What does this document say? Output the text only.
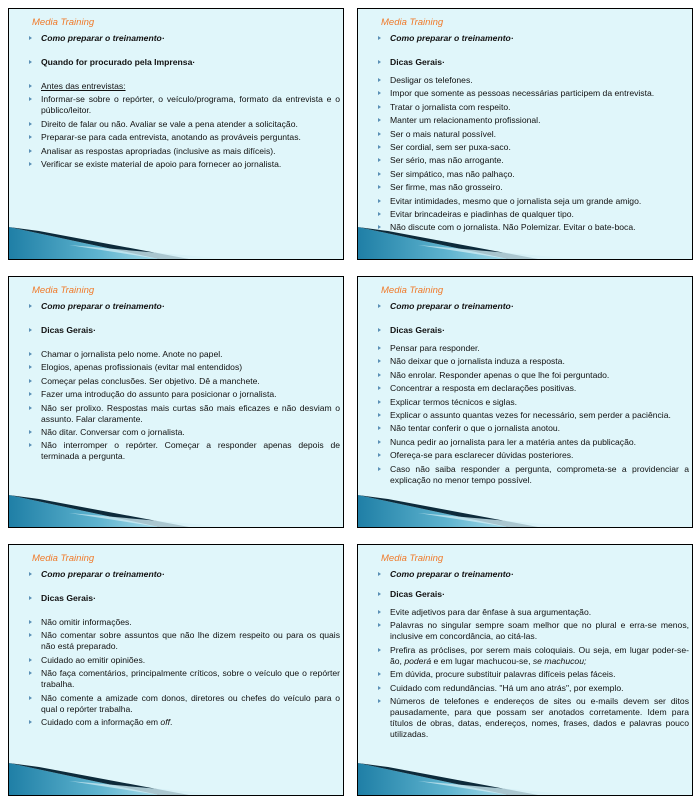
Media Training
Como preparar o treinamento·
Quando for procurado pela Imprensa·
Antes das entrevistas:
Informar-se sobre o repórter, o veículo/programa, formato da entrevista e o público/leitor.
Direito de falar ou não. Avaliar se vale a pena atender a solicitação.
Preparar-se para cada entrevista, anotando as prováveis perguntas.
Analisar as respostas apropriadas (inclusive as mais difíceis).
Verificar se existe material de apoio para fornecer ao jornalista.
Media Training
Como preparar o treinamento·
Dicas Gerais·
Desligar os telefones.
Impor que somente as pessoas necessárias participem da entrevista.
Tratar o jornalista com respeito.
Manter um relacionamento profissional.
Ser o mais natural possível.
Ser cordial, sem ser puxa-saco.
Ser sério, mas não arrogante.
Ser simpático, mas não palhaço.
Ser firme, mas não grosseiro.
Evitar intimidades, mesmo que o jornalista seja um grande amigo.
Evitar brincadeiras e piadinhas de qualquer tipo.
Não discute com o jornalista. Não Polemizar. Evitar o bate-boca.
Media Training
Como preparar o treinamento·
Dicas Gerais·
Chamar o jornalista pelo nome. Anote no papel.
Elogios, apenas profissionais (evitar mal entendidos)
Começar pelas conclusões. Ser objetivo. Dê a manchete.
Fazer uma introdução do assunto para posicionar o jornalista.
Não ser prolixo. Respostas mais curtas são mais eficazes e não desviam o assunto. Falar claramente.
Não ditar. Conversar com o jornalista.
Não interromper o repórter. Começar a responder apenas depois de terminada a pergunta.
Media Training
Como preparar o treinamento·
Dicas Gerais·
Pensar para responder.
Não deixar que o jornalista induza a resposta.
Não enrolar. Responder apenas o que lhe foi perguntado.
Concentrar a resposta em declarações positivas.
Explicar termos técnicos e siglas.
Explicar o assunto quantas vezes for necessário, sem perder a paciência.
Não tentar conferir o que o jornalista anotou.
Nunca pedir ao jornalista para ler a matéria antes da publicação.
Ofereça-se para esclarecer dúvidas posteriores.
Caso não saiba responder a pergunta, comprometa-se a providenciar a explicação no menor tempo possível.
Media Training
Como preparar o treinamento·
Dicas Gerais·
Não omitir informações.
Não comentar sobre assuntos que não lhe dizem respeito ou para os quais não está preparado.
Cuidado ao emitir opiniões.
Não faça comentários, principalmente críticos, sobre o veículo que o repórter trabalha.
Não comente a amizade com donos, diretores ou chefes do veículo para o qual o repórter trabalha.
Cuidado com a informação em off.
Media Training
Como preparar o treinamento·
Dicas Gerais·
Evite adjetivos para dar ênfase à sua argumentação.
Palavras no singular sempre soam melhor que no plural e erra-se menos, inclusive em concordância, ao citá-las.
Prefira as próclises, por serem mais coloquiais. Ou seja, em lugar poder-se-ão, poderá e em lugar machucou-se, se machucou;
Em dúvida, procure substituir palavras difíceis pelas fáceis.
Cuidado com redundâncias. "Há um ano atrás", por exemplo.
Números de telefones e endereços de sites ou e-mails devem ser ditos pausadamente, para que possam ser anotados corretamente. Idem para títulos de obras, datas, endereços, nomes, frases, dados e palavras pouco utilizadas.
